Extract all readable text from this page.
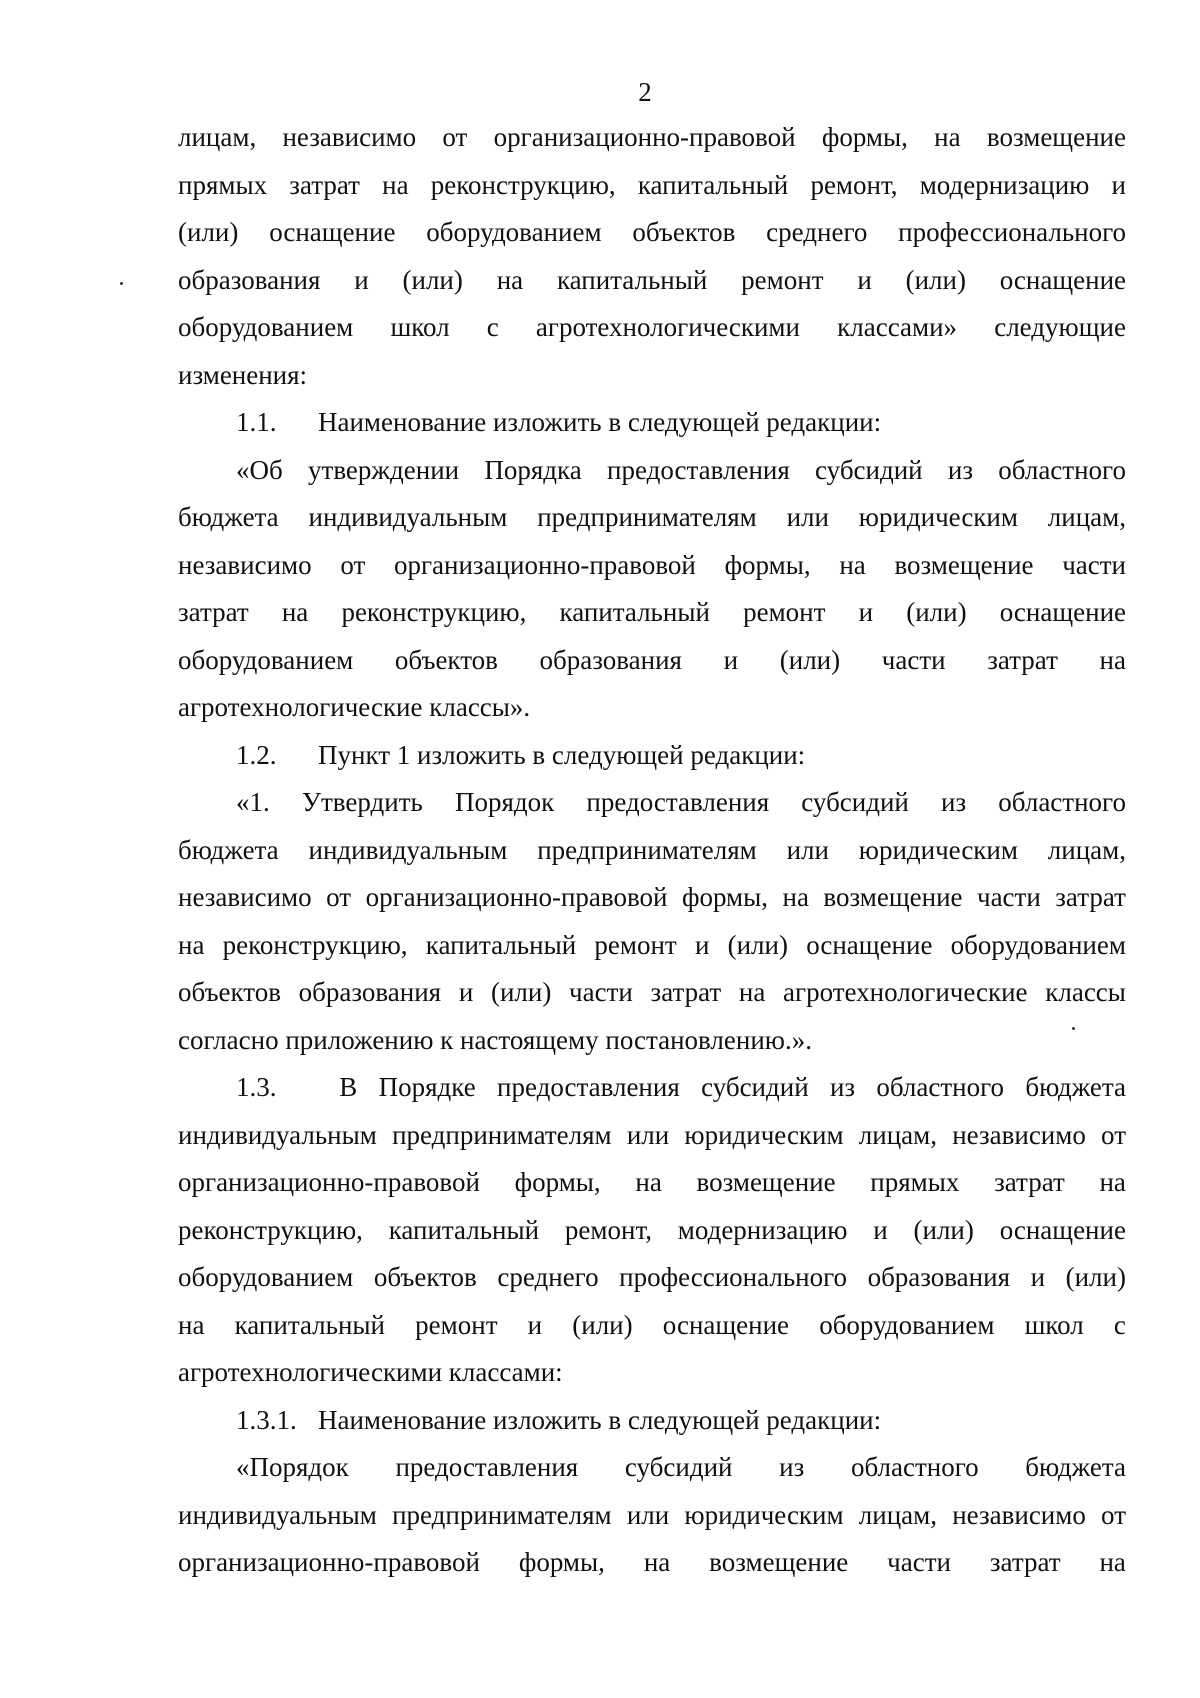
2
лицам, независимо от организационно-правовой формы, на возмещение
прямых затрат на реконструкцию, капитальный ремонт, модернизацию и
(или) оснащение оборудованием объектов среднего профессионального
образования и (или) на капитальный ремонт и (или) оснащение
оборудованием школ с агротехнологическими классами» следующие
изменения:
1.1. Наименование изложить в следующей редакции:
«Об утверждении Порядка предоставления субсидий из областного
бюджета индивидуальным предпринимателям или юридическим лицам,
независимо от организационно-правовой формы, на возмещение части
затрат на реконструкцию, капитальный ремонт и (или) оснащение
оборудованием объектов образования и (или) части затрат на
агротехнологические классы».
1.2. Пункт 1 изложить в следующей редакции:
«1. Утвердить Порядок предоставления субсидий из областного
бюджета индивидуальным предпринимателям или юридическим лицам,
независимо от организационно-правовой формы, на возмещение части затрат
на реконструкцию, капитальный ремонт и (или) оснащение оборудованием
объектов образования и (или) части затрат на агротехнологические классы
согласно приложению к настоящему постановлению.».
1.3.	В Порядке предоставления субсидий из областного бюджета
индивидуальным предпринимателям или юридическим лицам, независимо от
организационно-правовой формы, на возмещение прямых затрат на
реконструкцию, капитальный ремонт, модернизацию и (или) оснащение
оборудованием объектов среднего профессионального образования и (или)
на капитальный ремонт и (или) оснащение оборудованием школ с
агротехнологическими классами:
1.3.1. Наименование изложить в следующей редакции:
«Порядок предоставления субсидий из областного бюджета
индивидуальным предпринимателям или юридическим лицам, независимо от
организационно-правовой формы, на возмещение части затрат на
